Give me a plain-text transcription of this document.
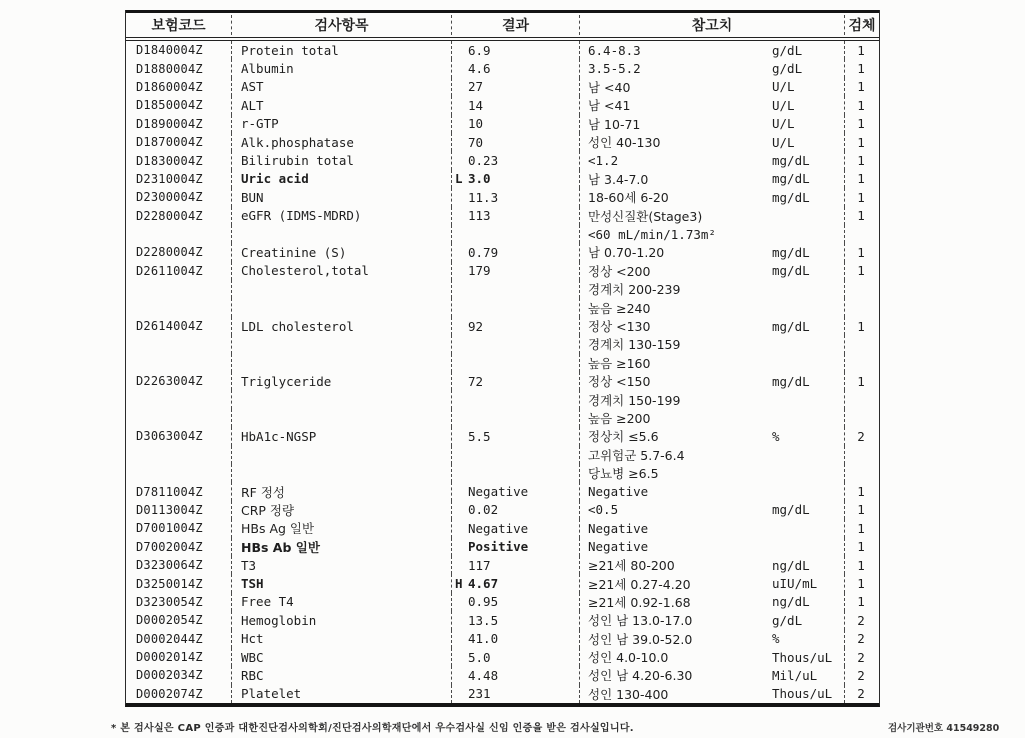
보험코드	검사항목	결과	참고치	검체
D1840004Z	Protein total	6.9	6.4-8.3	g/dL	1
D1880004Z	Albumin	4.6	3.5-5.2	g/dL	1
D1860004Z	AST	27	남 <40	U/L	1
D1850004Z	ALT	14	남 <41	U/L	1
D1890004Z	r-GTP	10	남 10-71	U/L	1
D1870004Z	Alk.phosphatase	70	성인 40-130	U/L	1
D1830004Z	Bilirubin total	0.23	<1.2	mg/dL	1
D2310004Z	Uric acid	L 3.0	남 3.4-7.0	mg/dL	1
D2300004Z	BUN	11.3	18-60세 6-20	mg/dL	1
D2280004Z	eGFR (IDMS-MDRD)	113	만성신질환(Stage3)	1
<60 mL/min/1.73m²
D2280004Z	Creatinine (S)	0.79	남 0.70-1.20	mg/dL	1
D2611004Z	Cholesterol,total	179	정상 <200	mg/dL	1
경계치 200-239
높음 ≥240
D2614004Z	LDL cholesterol	92	정상 <130	mg/dL	1
경계치 130-159
높음 ≥160
D2263004Z	Triglyceride	72	정상 <150	mg/dL	1
경계치 150-199
높음 ≥200
D3063004Z	HbA1c-NGSP	5.5	정상치 ≤5.6	%	2
고위험군 5.7-6.4
당뇨병 ≥6.5
D7811004Z	RF 정성	Negative	Negative	1
D0113004Z	CRP 정량	0.02	<0.5	mg/dL	1
D7001004Z	HBs Ag 일반	Negative	Negative	1
D7002004Z	HBs Ab 일반	Positive	Negative	1
D3230064Z	T3	117	≥21세 80-200	ng/dL	1
D3250014Z	TSH	H 4.67	≥21세 0.27-4.20	uIU/mL	1
D3230054Z	Free T4	0.95	≥21세 0.92-1.68	ng/dL	1
D0002054Z	Hemoglobin	13.5	성인 남 13.0-17.0	g/dL	2
D0002044Z	Hct	41.0	성인 남 39.0-52.0	%	2
D0002014Z	WBC	5.0	성인 4.0-10.0	Thous/uL	2
D0002034Z	RBC	4.48	성인 남 4.20-6.30	Mil/uL	2
D0002074Z	Platelet	231	성인 130-400	Thous/uL	2
* 본 검사실은 CAP 인증과 대한진단검사의학회/진단검사의학재단에서 우수검사실 신임 인증을 받은 검사실입니다.	검사기관번호 41549280
